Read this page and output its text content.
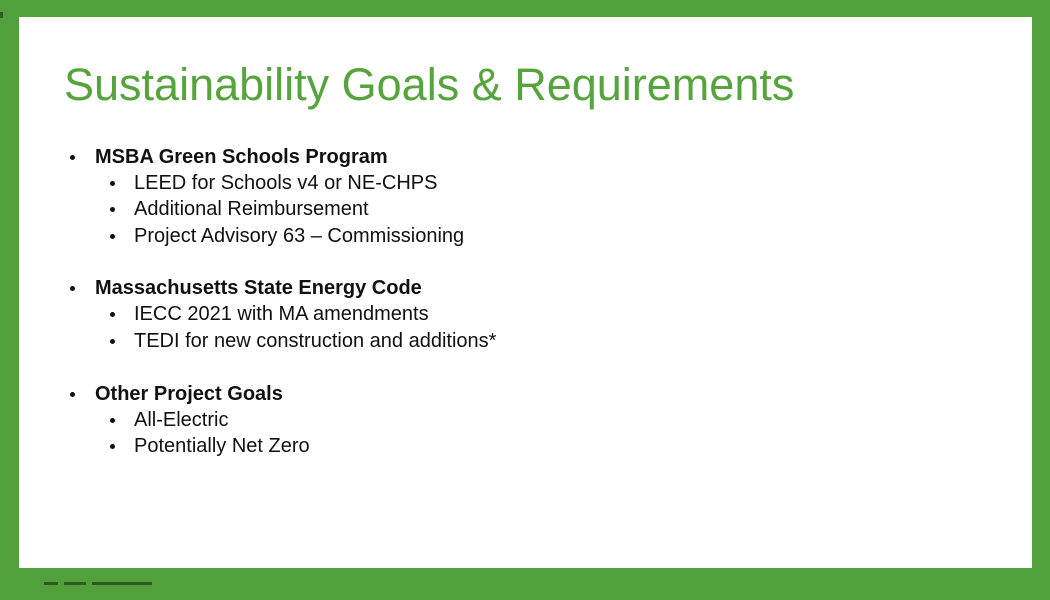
Sustainability Goals & Requirements
MSBA Green Schools Program
LEED for Schools v4 or NE-CHPS
Additional Reimbursement
Project Advisory 63 – Commissioning
Massachusetts State Energy Code
IECC 2021 with MA amendments
TEDI for new construction and additions*
Other Project Goals
All-Electric
Potentially Net Zero
